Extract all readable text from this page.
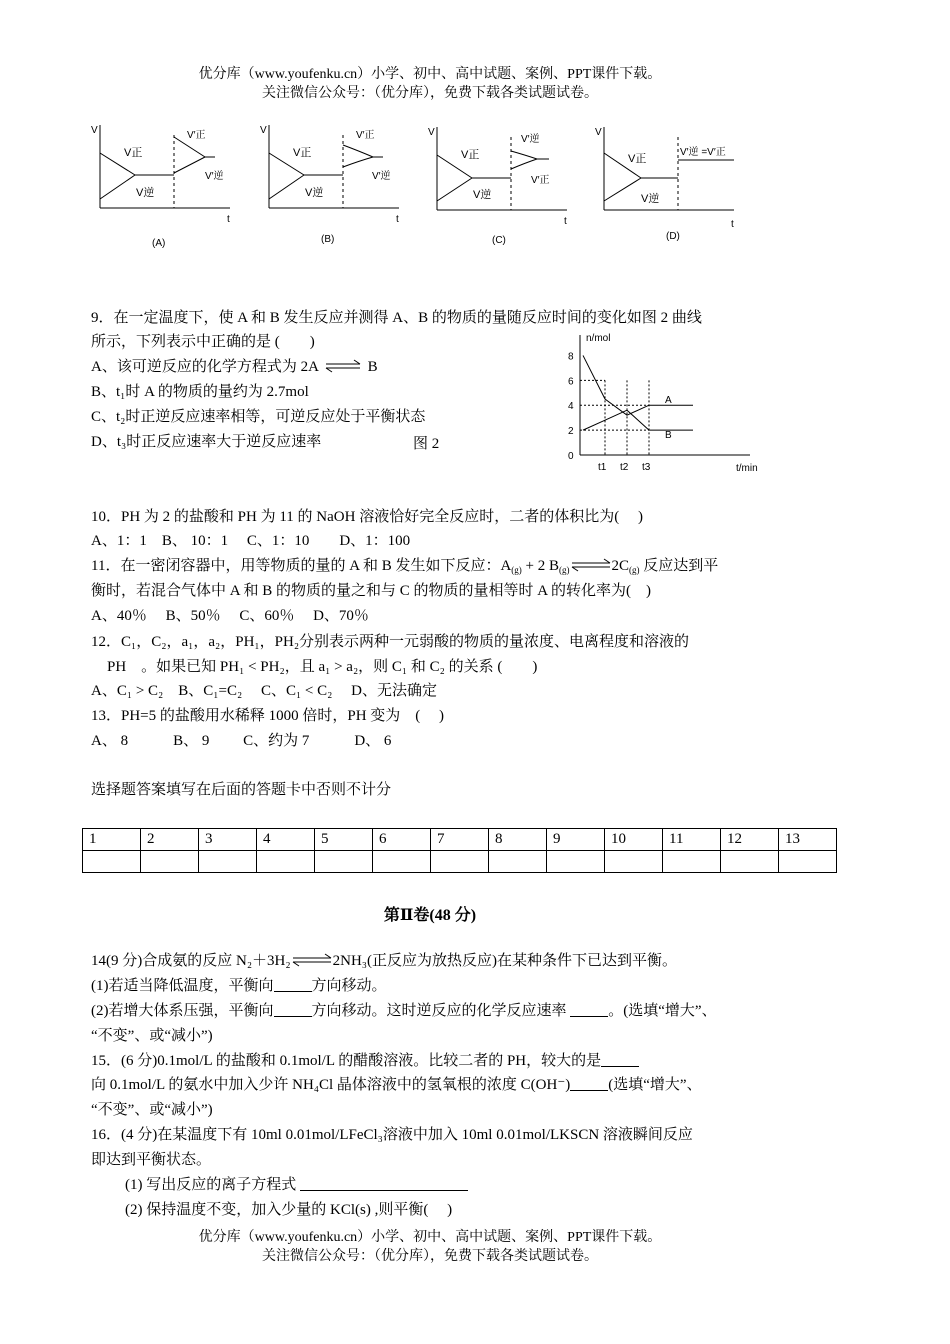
优分库（www.youfenku.cn）小学、初中、高中试题、案例、PPT课件下载。
关注微信公众号：（优分库），免费下载各类试题试卷。
V
t
V正
V逆
V′正
V′逆
(A)
V
t
V正
V逆
V′正
V′逆
(B)
V
t
V正
V逆
V′逆
V′正
(C)
V
t
V正
V逆
V′逆 =V′正
(D)
9．在一定温度下，使 A 和 B 发生反应并测得 A、B 的物质的量随反应时间的变化如图 2 曲线
所示，下列表示中正确的是 (　　)
A、该可逆反应的化学方程式为 2A ⇌ B
B、t₁时 A 的物质的量约为 2.7mol
C、t₂时正逆反应速率相等，可逆反应处于平衡状态
D、t₃时正反应速率大于逆反应速率	图 2
n/mol
t/min
0
2
4
6
8
t1 t2 t3
A
B
10．PH 为 2 的盐酸和 PH 为 11 的 NaOH 溶液恰好完全反应时，二者的体积比为(　 )
A、1：1　B、 10：1　 C、1：10　　D、1：100
11．在一密闭容器中，用等物质的量的 A 和 B 发生如下反应：$A_{(g)} + 2$ $B_{(g)}\rightleftharpoons 2C_{(g)}$ 反应达到平
衡时，若混合气体中 A 和 B 的物质的量之和与 C 的物质的量相等时 A 的转化率为(　)
A、40％　 B、50％　 C、60％　 D、70％
12．C₁，C₂，a₁，a₂，PH₁，PH₂分别表示两种一元弱酸的物质的量浓度、电离程度和溶液的
PH　。如果已知 PH₁ < PH₂，且 a₁ > a₂，则 C₁ 和 C₂ 的关系 (　　)
A、C₁ > C₂　B、C₁=C₂　 C、C₁ < C₂　 D、无法确定
13．PH=5 的盐酸用水稀释 1000 倍时，PH 变为　(　 )
A、 8　　　B、 9　　 C、约为 7　　　D、 6
选择题答案填写在后面的答题卡中否则不计分
1	2	3	4	5	6	7	8	9	10	11	12	13

第Ⅱ卷(48 分)
14(9 分)合成氨的反应 N₂＋3H₂⇌2NH₃(正反应为放热反应)在某种条件下已达到平衡。
(1)若适当降低温度，平衡向	方向移动。
(2)若增大体系压强，平衡向	方向移动。这时逆反应的化学反应速率	。(选填“增大”、
“不变”、或“减小”)
15．(6 分)0.1mol/L 的盐酸和 0.1mol/L 的醋酸溶液。比较二者的 PH，较大的是
向 0.1mol/L 的氨水中加入少许 NH₄Cl 晶体溶液中的氢氧根的浓度 C(OH⁻)	(选填“增大”、
“不变”、或“减小”)
16．(4 分)在某温度下有 10ml 0.01mol/LFeCl₃溶液中加入 10ml 0.01mol/LKSCN 溶液瞬间反应
即达到平衡状态。
(1) 写出反应的离子方程式
(2) 保持温度不变，加入少量的 KCl(s) ,则平衡(　 )
优分库（www.youfenku.cn）小学、初中、高中试题、案例、PPT课件下载。
关注微信公众号：（优分库），免费下载各类试题试卷。
